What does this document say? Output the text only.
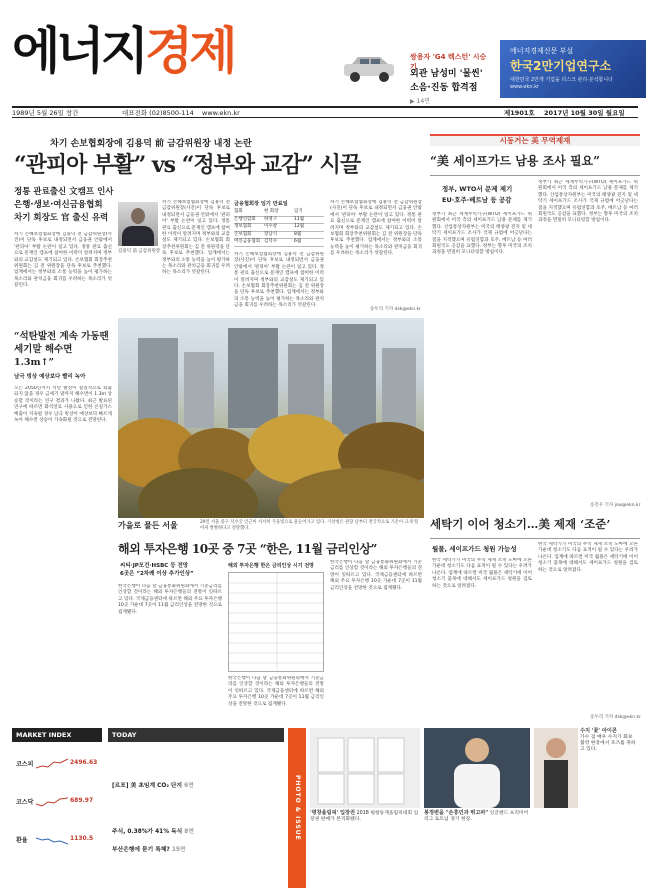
에너지경제	쌍용자 'G4 렉스턴' 시승기
외관 남성미 '물씬'
소음·진동 합격점
▶ 14면
에너지경제신문 부설
한국2만기업연구소
대한민국 2만개 기업을 리스크 관리·분석합니다
www.ekn.kr
1989년 5월 26일 창간	대표전화 (02)8500-114 www.ekn.kr	제1901호 2017년 10월 30일 월요일
차기 손보협회장에 김용덕 前 금감위원장 내정 논란
“관피아 부활” vs “정부와 교감” 시끌
정통 관료출신 文캠프 인사
은행·생보·여신금융협회
차기 회장도 官 출신 유력
차기 손해보험협회장에 김용덕 전 금감위원장(사진)이 단독 후보로 내정되면서 금융권 안팎에서 '관피아' 부활 논란이 일고 있다. 정통 관료 출신으로 문재인 캠프에 참여한 이력이 알려지며 정부와의 교감설도 제기되고 있다. 손보협회 회장추천위원회는 김 전 위원장을 단독 후보로 추천했다. 업계에서는 정부와의 소통 능력을 높이 평가하는 목소리와 관치금융 회귀를 우려하는 목소리가 엇갈린다.
김용덕 前 금감위원장
차기 손해보험협회장에 김용덕 전 금감위원장(사진)이 단독 후보로 내정되면서 금융권 안팎에서 '관피아' 부활 논란이 일고 있다. 정통 관료 출신으로 문재인 캠프에 참여한 이력이 알려지며 정부와의 교감설도 제기되고 있다. 손보협회 회장추천위원회는 김 전 위원장을 단독 후보로 추천했다. 업계에서는 정부와의 소통 능력을 높이 평가하는 목소리와 관치금융 회귀를 우려하는 목소리가 엇갈린다.
금융협회장 임기 만료일
협회	현 회장	임기
은행연합회	하영구	11월
생보협회	이수창	12월
손보협회	장남식	8월
여신금융협회 김덕수	6월
차기 손해보험협회장에 김용덕 전 금감위원장(사진)이 단독 후보로 내정되면서 금융권 안팎에서 '관피아' 부활 논란이 일고 있다. 정통 관료 출신으로 문재인 캠프에 참여한 이력이 알려지며 정부와의 교감설도 제기되고 있다. 손보협회 회장추천위원회는 김 전 위원장을 단독 후보로 추천했다. 업계에서는 정부와의 소통 능력을 높이 평가하는 목소리와 관치금융 회귀를 우려하는 목소리가 엇갈린다.
차기 손해보험협회장에 김용덕 전 금감위원장(사진)이 단독 후보로 내정되면서 금융권 안팎에서 '관피아' 부활 논란이 일고 있다. 정통 관료 출신으로 문재인 캠프에 참여한 이력이 알려지며 정부와의 교감설도 제기되고 있다. 손보협회 회장추천위원회는 김 전 위원장을 단독 후보로 추천했다. 업계에서는 정부와의 소통 능력을 높이 평가하는 목소리와 관치금융 회귀를 우려하는 목소리가 엇갈린다.
송두리 기자 dsk@ekn.kr
시동거는 美 무역제재
“美 세이프가드 남용 조사 필요”
정부, WTO서 문제 제기
EU·호주·베트남 등 공감
정부가 최근 세계무역기구(WTO) 세이프가드 위원회에서 미국 측의 세이프가드 남용 문제를 제기했다. 산업통상자원부는 미국의 태양광 전지 및 세탁기 세이프가드 조사가 국제 규범에 어긋난다는 점을 지적했으며 유럽연합과 호주, 베트남 등 여러 회원국도 공감을 표했다. 정부는 향후 미국의 조치 과정을 면밀히 모니터링할 방침이다.
정부가 최근 세계무역기구(WTO) 세이프가드 위원회에서 미국 측의 세이프가드 남용 문제를 제기했다. 산업통상자원부는 미국의 태양광 전지 및 세탁기 세이프가드 조사가 국제 규범에 어긋난다는 점을 지적했으며 유럽연합과 호주, 베트남 등 여러 회원국도 공감을 표했다. 정부는 향후 미국의 조치 과정을 면밀히 모니터링할 방침이다.
송진우 기자 jsw@ekn.kr
“석탄발전 계속 가동땐 세기말 해수면 1.3m↑”
남극 빙상 예상보다 빨리 녹아
오는 2050년까지 석탄 발전이 실질적으로 퇴출되지 않을 경우 금세기 말까지 해수면이 1.3m 상승할 것이라는 연구 결과가 나왔다. 최근 발표된 연구에 따르면 화석연료 사용으로 인한 온실가스 배출이 지속될 경우 남극 빙상이 예상보다 빠르게 녹아 해수면 상승이 가속화될 것으로 전망된다.
가을로 물든 서울	29일 서울 중구 덕수궁 인근이 서서히 가을빛으로 물들어가고 있다. 기상청은 관향 날부터 전국적으로 기온이 크게 떨어져 쌀쌀하다고 전망했다.
해외 투자은행 10곳 중 7곳 “한은, 11월 금리인상”
씨티·JP모건·HSBC 등 전망
6곳은 “2차례 이상 추가인상”
한국은행이 다음 달 금융통화위원회에서 기준금리를 인상할 것이라는 해외 투자은행들의 전망이 잇따르고 있다. 국제금융센터에 따르면 해외 주요 투자은행 10곳 가운데 7곳이 11월 금리인상을 전망한 것으로 집계됐다.
해외 투자은행 한은 금리인상 시기 전망
한국은행이 다음 달 금융통화위원회에서 기준금리를 인상할 것이라는 해외 투자은행들의 전망이 잇따르고 있다. 국제금융센터에 따르면 해외 주요 투자은행 10곳 가운데 7곳이 11월 금리인상을 전망한 것으로 집계됐다.
한국은행이 다음 달 금융통화위원회에서 기준금리를 인상할 것이라는 해외 투자은행들의 전망이 잇따르고 있다. 국제금융센터에 따르면 해외 주요 투자은행 10곳 가운데 7곳이 11월 금리인상을 전망한 것으로 집계됐다.
세탁기 이어 청소기…美 제재 ‘조준’
월풀, 세이프가드 청원 가능성
한국 세탁기가 미국의 무역 제재 조치 도마에 오른 가운데 청소기도 다음 표적이 될 수 있다는 우려가 나온다. 업계에 따르면 미국 월풀은 세탁기에 이어 청소기 품목에 대해서도 세이프가드 청원을 검토하는 것으로 알려졌다.
한국 세탁기가 미국의 무역 제재 조치 도마에 오른 가운데 청소기도 다음 표적이 될 수 있다는 우려가 나온다. 업계에 따르면 미국 월풀은 세탁기에 이어 청소기 품목에 대해서도 세이프가드 청원을 검토하는 것으로 알려졌다.
송두리 기자 dsk@ekn.kr
MARKET INDEX
코스피	2496.63
코스닥	689.97
환율	1130.5
TODAY
[르포] 美 초임계 CO₂ 단지 6면
주식, 0.38%가 41% 독식 8면
부산은행에 묻기 특혜? 15면
PHOTO & ISSUE	'평창올림픽' 입장권 2018 평창동계올림픽대회 입장권 판매가 본격화됐다.
봉정변을 "손흥민과 뛰고파" 잉글랜드 프리미어리그 토트넘 경기 현장.
수지 '꽃' 아이콘
가수 겸 배우 수지가 화보 촬영 현장에서 포즈를 취하고 있다.
